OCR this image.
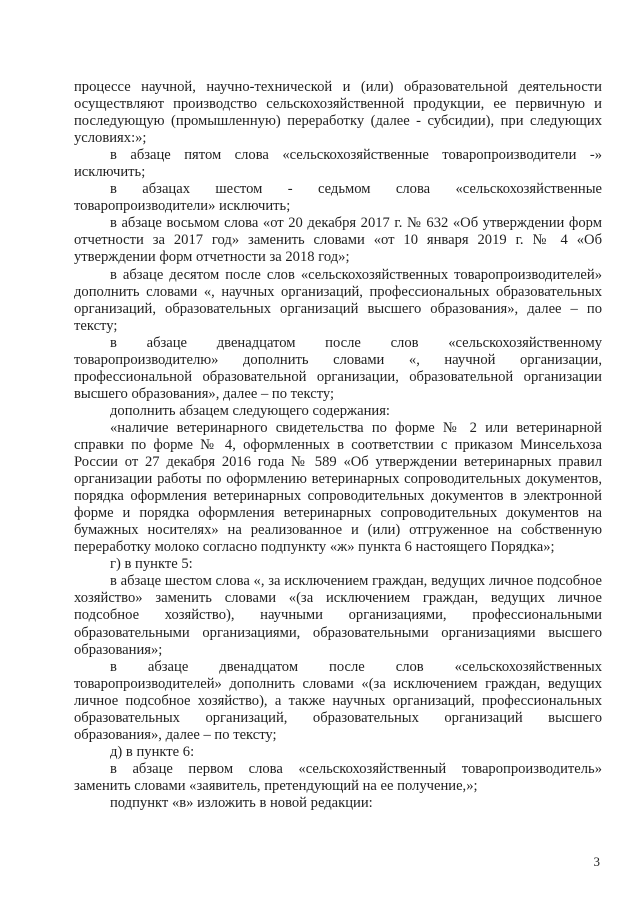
процессе научной, научно-технической и (или) образовательной деятельности осуществляют производство сельскохозяйственной продукции, ее первичную и последующую (промышленную) переработку (далее - субсидии), при следующих условиях:»;

в абзаце пятом слова «сельскохозяйственные товаропроизводители -» исключить;

в абзацах шестом - седьмом слова «сельскохозяйственные товаропроизводители» исключить;

в абзаце восьмом слова «от 20 декабря 2017 г. № 632 «Об утверждении форм отчетности за 2017 год» заменить словами «от 10 января 2019 г. № 4 «Об утверждении форм отчетности за 2018 год»;

в абзаце десятом после слов «сельскохозяйственных товаропроизводителей» дополнить словами «, научных организаций, профессиональных образовательных организаций, образовательных организаций высшего образования», далее – по тексту;

в абзаце двенадцатом после слов «сельскохозяйственному товаропроизводителю» дополнить словами «, научной организации, профессиональной образовательной организации, образовательной организации высшего образования», далее – по тексту;

дополнить абзацем следующего содержания:

«наличие ветеринарного свидетельства по форме № 2 или ветеринарной справки по форме № 4, оформленных в соответствии с приказом Минсельхоза России от 27 декабря 2016 года № 589 «Об утверждении ветеринарных правил организации работы по оформлению ветеринарных сопроводительных документов, порядка оформления ветеринарных сопроводительных документов в электронной форме и порядка оформления ветеринарных сопроводительных документов на бумажных носителях» на реализованное и (или) отгруженное на собственную переработку молоко согласно подпункту «ж» пункта 6 настоящего Порядка»;

г) в пункте 5:

в абзаце шестом слова «, за исключением граждан, ведущих личное подсобное хозяйство» заменить словами «(за исключением граждан, ведущих личное подсобное хозяйство), научными организациями, профессиональными образовательными организациями, образовательными организациями высшего образования»;

в абзаце двенадцатом после слов «сельскохозяйственных товаропроизводителей» дополнить словами «(за исключением граждан, ведущих личное подсобное хозяйство), а также научных организаций, профессиональных образовательных организаций, образовательных организаций высшего образования», далее – по тексту;

д) в пункте 6:

в абзаце первом слова «сельскохозяйственный товаропроизводитель» заменить словами «заявитель, претендующий на ее получение,»;

подпункт «в» изложить в новой редакции:

3
